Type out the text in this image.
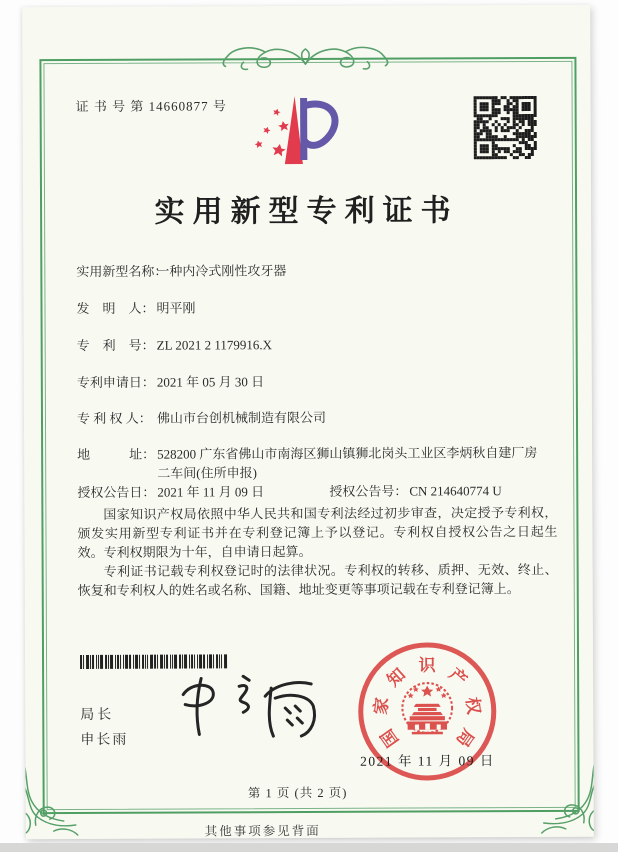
证 书 号 第 14660877 号
实用新型专利证书
实用新型名称：
一种内冷式刚性攻牙器
发　明　人： 明平刚
专　利　号： ZL 2021 2 1179916.X
专利申请日： 2021 年 05 月 30 日
专 利 权 人： 佛山市台创机械制造有限公司
地　　　址： 528200 广东省佛山市南海区狮山镇狮北岗头工业区李炳秋自建厂房二车间(住所申报)
授权公告日： 2021 年 11 月 09 日	授权公告号： CN 214640774 U

国家知识产权局依照中华人民共和国专利法经过初步审查，决定授予专利权，颁发实用新型专利证书并在专利登记簿上予以登记。专利权自授权公告之日起生效。专利权期限为十年，自申请日起算。

专利证书记载专利权登记时的法律状况。专利权的转移、质押、无效、终止、恢复和专利权人的姓名或名称、国籍、地址变更等事项记载在专利登记簿上。

局长
申长雨	国
家
知 识 产
权
局
2021 年 11 月 09 日
第 1 页 (共 2 页)
其他事项参见背面
